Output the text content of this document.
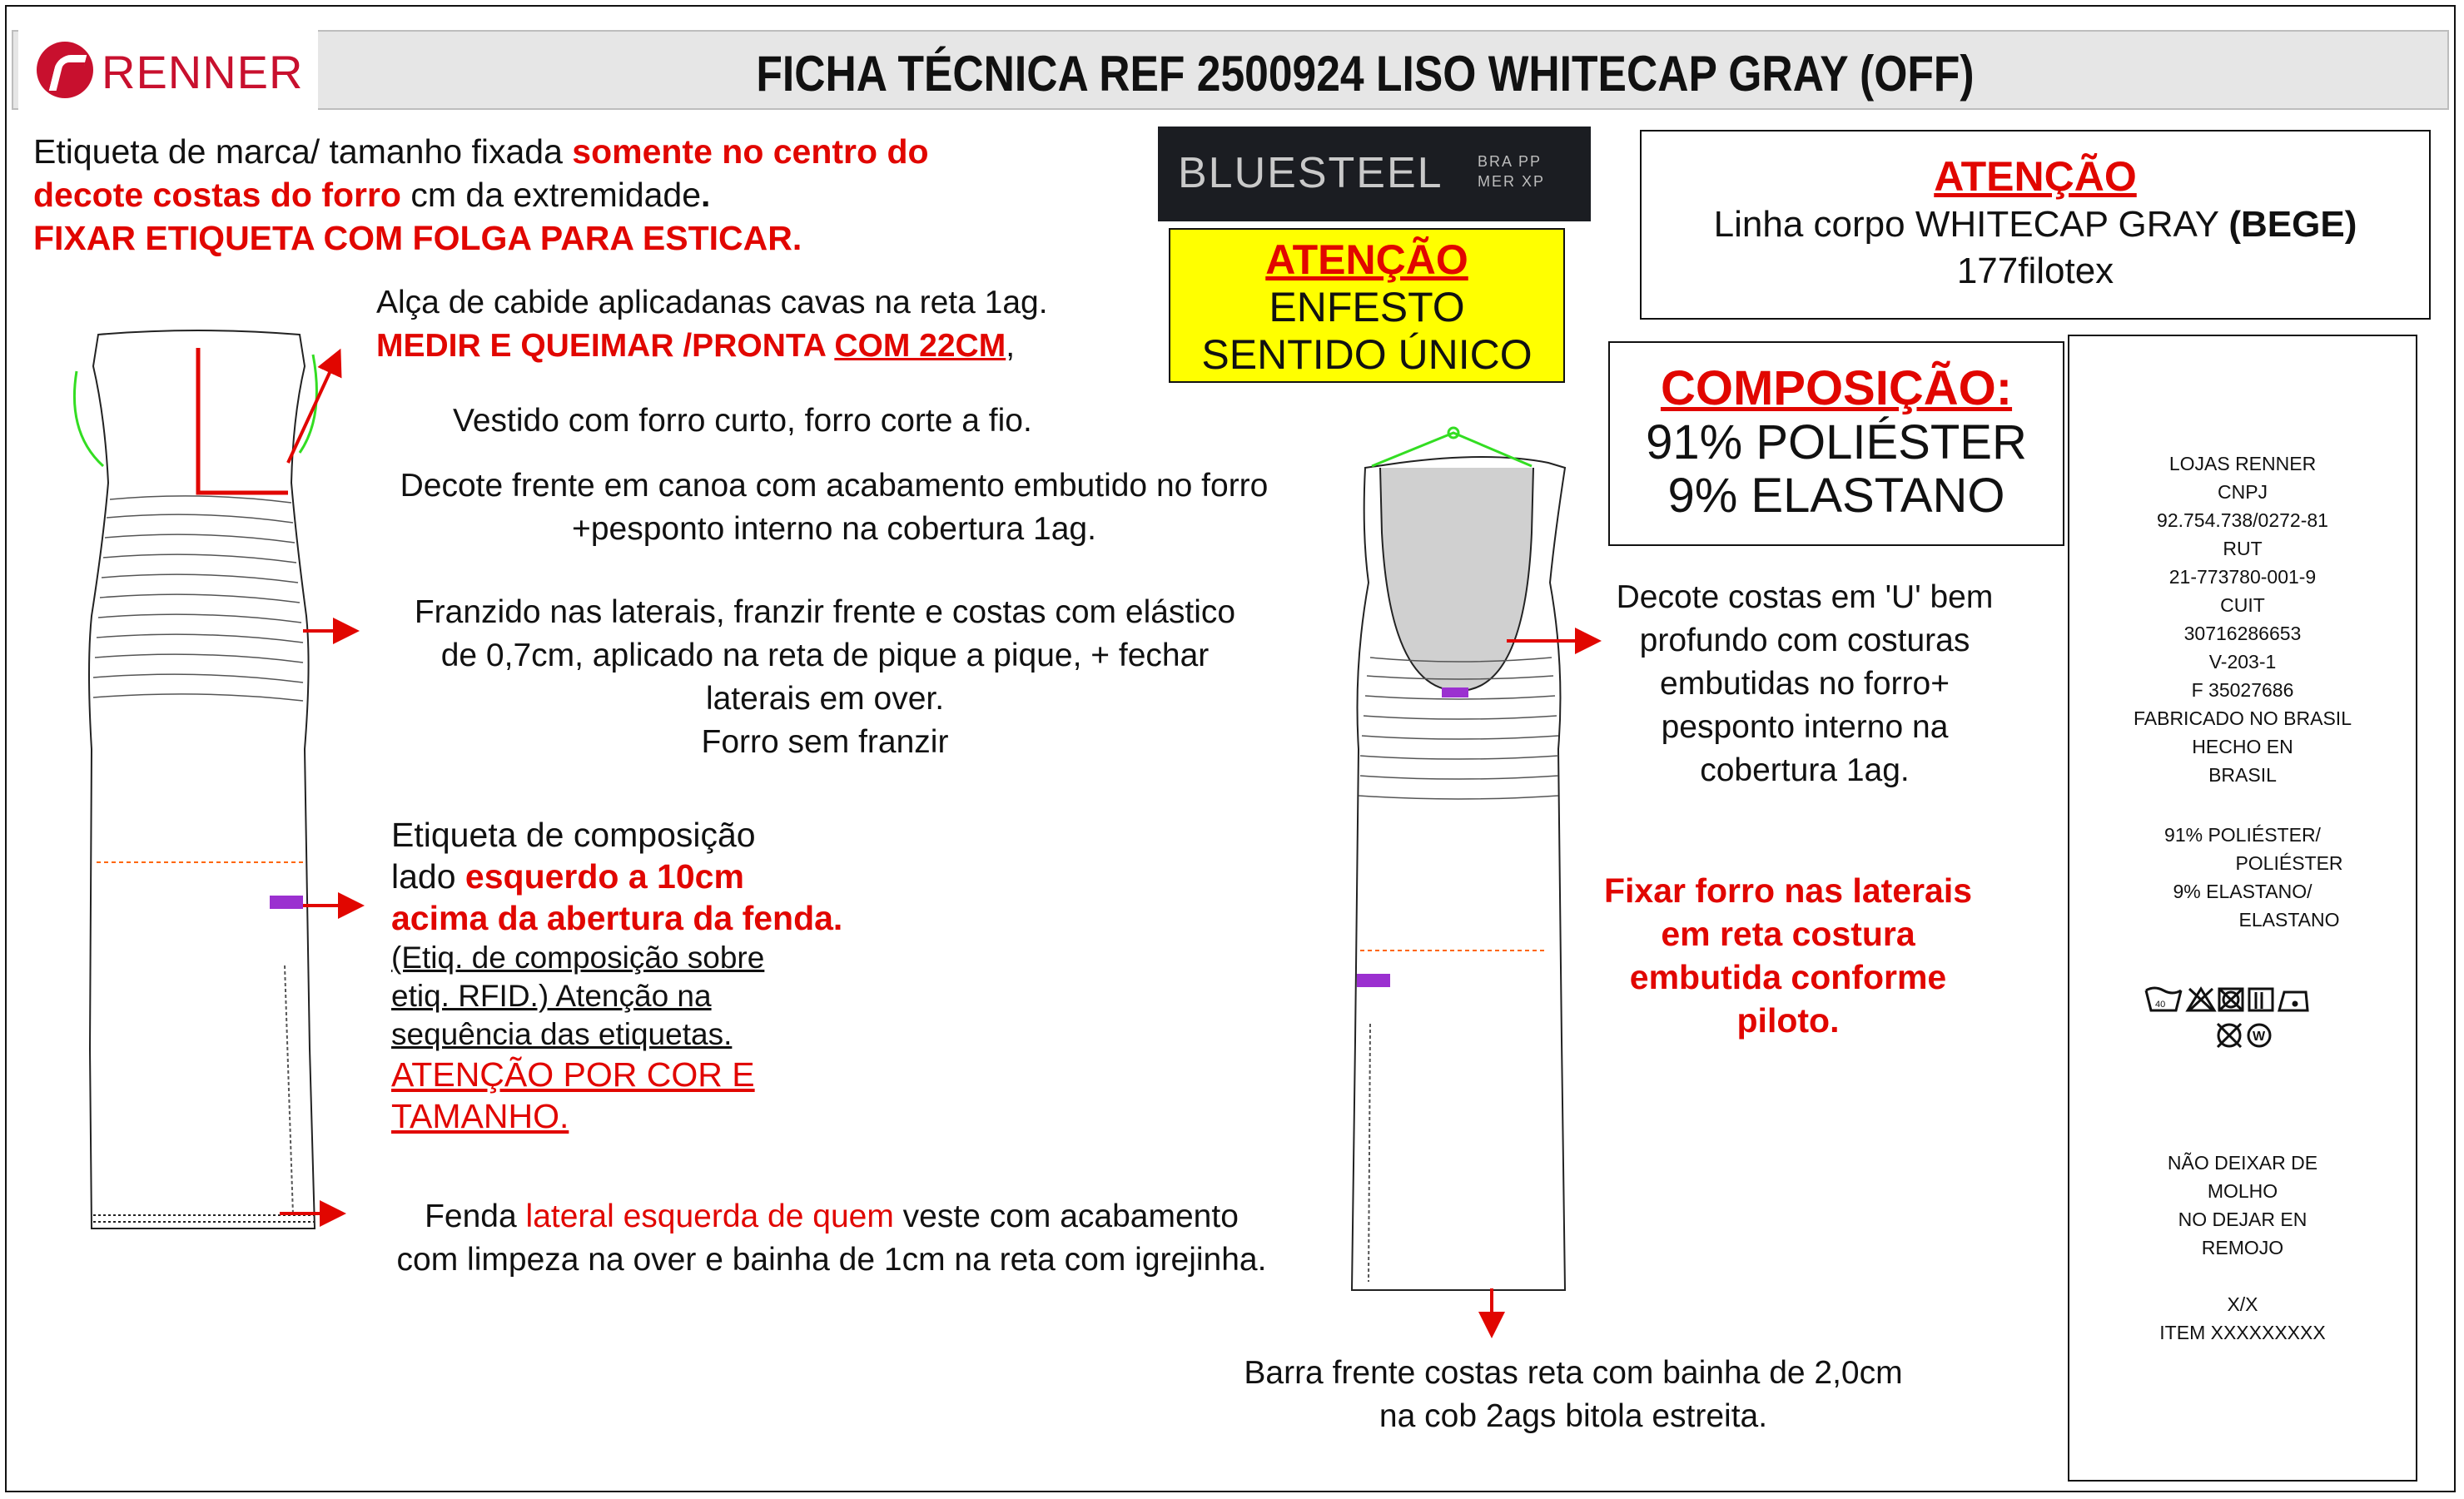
RENNER	FICHA TÉCNICA REF 2500924 LISO WHITECAP GRAY (OFF)
Etiqueta de marca/ tamanho fixada somente no centro do
decote costas do forro cm da extremidade.
FIXAR ETIQUETA COM FOLGA PARA ESTICAR.
BLUESTEEL BRA PP
MER XP
ATENÇÃO
ENFESTO
SENTIDO ÚNICO
ATENÇÃO
Linha corpo WHITECAP GRAY (BEGE) 177filotex
COMPOSIÇÃO:
91% POLIÉSTER
9% ELASTANO
LOJAS RENNER
CNPJ
92.754.738/0272-81
RUT
21-773780-001-9
CUIT
30716286653
V-203-1
F 35027686
FABRICADO NO BRASIL
HECHO EN
BRASIL
91% POLIÉSTER/
POLIÉSTER
9% ELASTANO/
ELASTANO
40
W
NÃO DEIXAR DE
MOLHO
NO DEJAR EN
REMOJO

X/X
ITEM XXXXXXXXX
Alça de cabide aplicadanas cavas na reta 1ag.
MEDIR E QUEIMAR /PRONTA COM 22CM,
Vestido com forro curto, forro corte a fio.
Decote frente em canoa com acabamento embutido no forro
+pesponto interno na cobertura 1ag.
Franzido nas laterais, franzir frente e costas com elástico
de 0,7cm, aplicado na reta de pique a pique, + fechar
laterais em over.
Forro sem franzir
Etiqueta de composição
lado esquerdo a 10cm
acima da abertura da fenda.
(Etiq. de composição sobre
etiq. RFID.) Atenção na
sequência das etiquetas.
ATENÇÃO POR COR E
TAMANHO.
Fenda lateral esquerda de quem veste com acabamento
com limpeza na over e bainha de 1cm na reta com igrejinha.
Decote costas em 'U' bem
profundo com costuras
embutidas no forro+
pesponto interno na
cobertura 1ag.
Fixar forro nas laterais
em reta costura
embutida conforme
piloto.
Barra frente costas reta com bainha de 2,0cm
na cob 2ags bitola estreita.
